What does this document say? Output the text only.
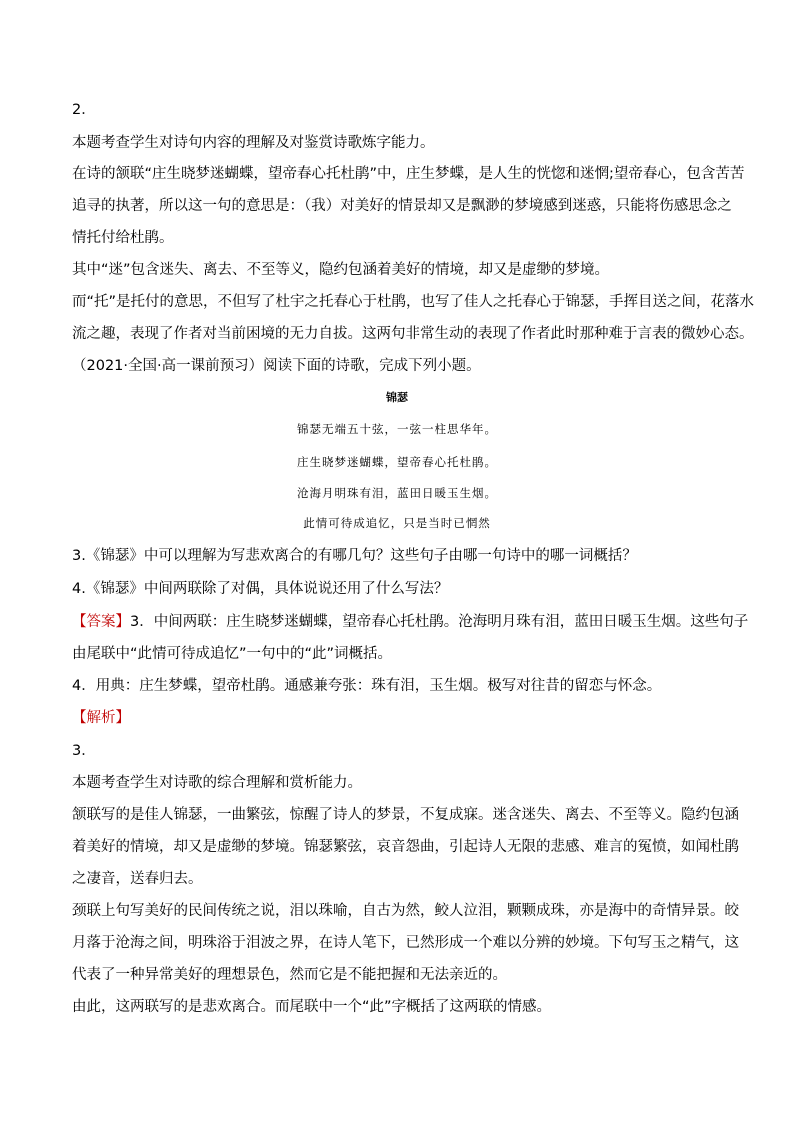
2．
本题考查学生对诗句内容的理解及对鉴赏诗歌炼字能力。
在诗的颔联“庄生晓梦迷蝴蝶，望帝春心托杜鹃”中，庄生梦蝶，是人生的恍惚和迷惘;望帝春心，包含苦苦
追寻的执著，所以这一句的意思是：（我）对美好的情景却又是飘渺的梦境感到迷惑，只能将伤感思念之
情托付给杜鹃。
其中“迷”包含迷失、离去、不至等义，隐约包涵着美好的情境，却又是虚缈的梦境。
而“托”是托付的意思，不但写了杜宇之托春心于杜鹃，也写了佳人之托春心于锦瑟，手挥目送之间，花落水
流之趣，表现了作者对当前困境的无力自拔。这两句非常生动的表现了作者此时那种难于言表的微妙心态。
（2021·全国·高一课前预习）阅读下面的诗歌，完成下列小题。
锦瑟
锦瑟无端五十弦，一弦一柱思华年。
庄生晓梦迷蝴蝶，望帝春心托杜鹃。
沧海月明珠有泪，蓝田日暖玉生烟。
此情可待成追忆，只是当时已惘然
3.《锦瑟》中可以理解为写悲欢离合的有哪几句？这些句子由哪一句诗中的哪一词概括？
4.《锦瑟》中间两联除了对偶，具体说说还用了什么写法？
【答案】3．中间两联：庄生晓梦迷蝴蝶，望帝春心托杜鹃。沧海明月珠有泪，蓝田日暖玉生烟。这些句子
由尾联中“此情可待成追忆”一句中的“此”词概括。
4．用典：庄生梦蝶，望帝杜鹃。通感兼夸张：珠有泪，玉生烟。极写对往昔的留恋与怀念。
【解析】
3．
本题考查学生对诗歌的综合理解和赏析能力。
颔联写的是佳人锦瑟，一曲繁弦，惊醒了诗人的梦景，不复成寐。迷含迷失、离去、不至等义。隐约包涵
着美好的情境，却又是虚缈的梦境。锦瑟繁弦，哀音怨曲，引起诗人无限的悲感、难言的冤愤，如闻杜鹃
之凄音，送春归去。
颈联上句写美好的民间传统之说，泪以珠喻，自古为然，鲛人泣泪，颗颗成珠，亦是海中的奇情异景。皎
月落于沧海之间，明珠浴于泪波之界，在诗人笔下，已然形成一个难以分辨的妙境。下句写玉之精气，这
代表了一种异常美好的理想景色，然而它是不能把握和无法亲近的。
由此，这两联写的是悲欢离合。而尾联中一个“此”字概括了这两联的情感。
